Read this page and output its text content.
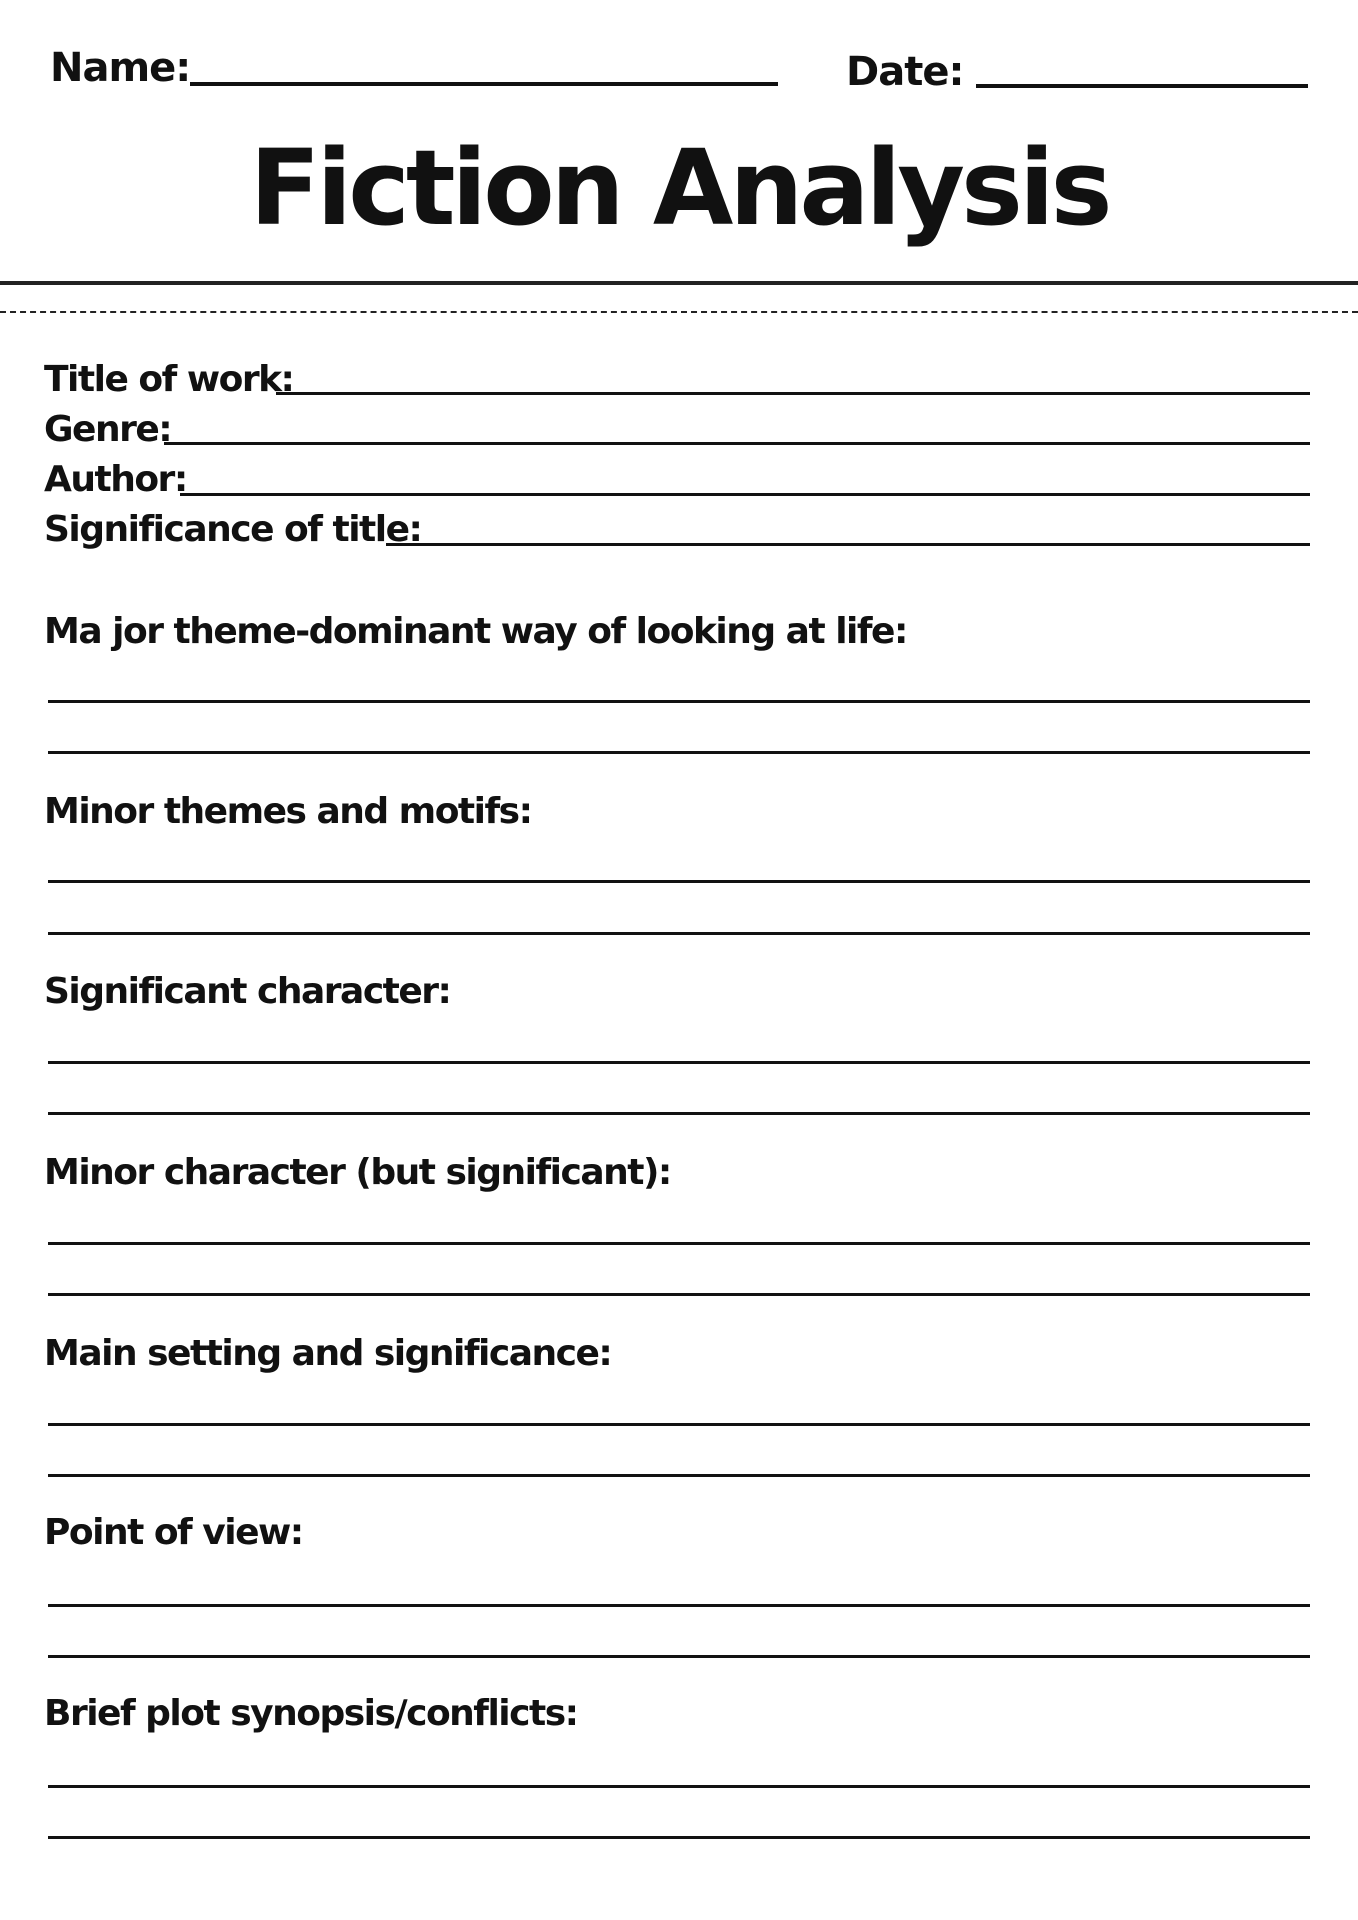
Name:	Date:
Fiction Analysis
Title of work:
Genre:
Author:
Significance of title:
Ma jor theme-dominant way of looking at life:
Minor themes and motifs:
Significant character:
Minor character (but significant):
Main setting and significance:
Point of view:
Brief plot synopsis/conflicts:
